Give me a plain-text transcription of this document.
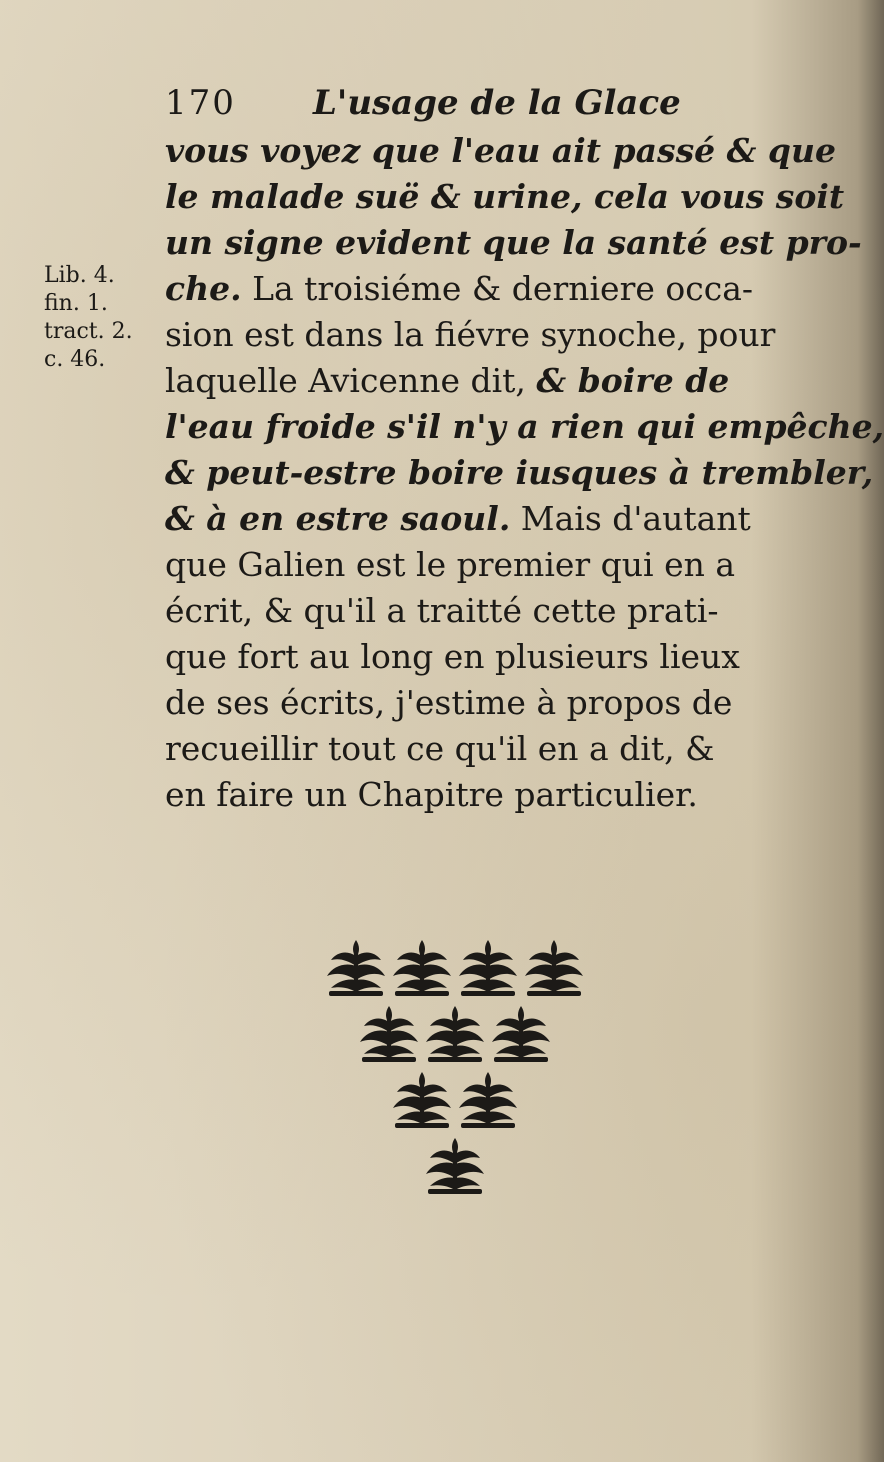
170 L'usage de la Glace
Lib. 4.
fin. 1.
tract. 2.
c. 46.
vous voyez que l'eau ait passé & que
le malade suë & urine, cela vous soit
un signe evident que la santé est pro-
che. La troisiéme & derniere occa-
sion est dans la fiévre synoche, pour
laquelle Avicenne dit, & boire de
l'eau froide s'il n'y a rien qui empêche,
& peut-estre boire iusques à trembler,
& à en estre saoul. Mais d'autant
que Galien est le premier qui en a
écrit, & qu'il a traitté cette prati-
que fort au long en plusieurs lieux
de ses écrits, j'estime à propos de
recueillir tout ce qu'il en a dit, &
en faire un Chapitre particulier.
